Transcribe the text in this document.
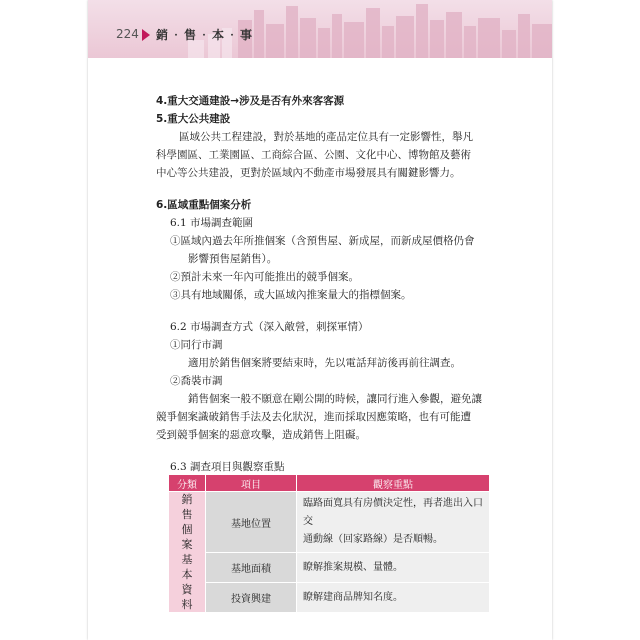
224 銷‧售‧本‧事
4.重大交通建設→涉及是否有外來客客源
5.重大公共建設
區域公共工程建設，對於基地的產品定位具有一定影響性，舉凡
科學園區、工業園區、工商綜合區、公園、文化中心、博物館及藝術
中心等公共建設，更對於區域內不動產市場發展具有關鍵影響力。
6.區域重點個案分析
6.1 市場調查範圍
①區域內過去年所推個案（含預售屋、新成屋，而新成屋價格仍會
影響預售屋銷售）。
②預計未來一年內可能推出的競爭個案。
③具有地域關係，或大區域內推案量大的指標個案。
6.2 市場調查方式（深入敵營，刺探軍情）
①同行市調
適用於銷售個案將要結束時，先以電話拜訪後再前往調查。
②喬裝市調
銷售個案一般不願意在剛公開的時候，讓同行進入參觀，避免讓
競爭個案識破銷售手法及去化狀況，進而採取因應策略，也有可能遭
受到競爭個案的惡意攻擊，造成銷售上阻礙。
6.3 調查項目與觀察重點
分類	項目	觀察重點
銷售個案基本資料	基地位置	臨路面寬具有房價決定性，再者進出入口交
通動線（回家路線）是否順暢。

	基地面積	瞭解推案規模、量體。
	投資興建	瞭解建商品牌知名度。
